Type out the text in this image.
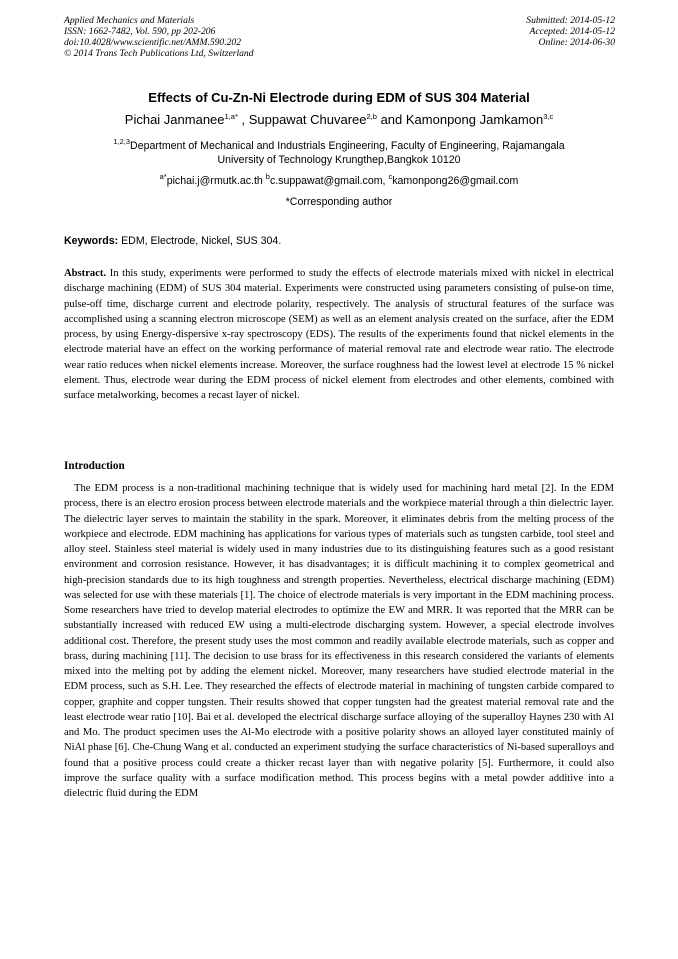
Applied Mechanics and Materials
ISSN: 1662-7482, Vol. 590, pp 202-206
doi:10.4028/www.scientific.net/AMM.590.202
© 2014 Trans Tech Publications Ltd, Switzerland
Submitted: 2014-05-12
Accepted: 2014-05-12
Online: 2014-06-30
Effects of Cu-Zn-Ni Electrode during EDM of SUS 304 Material
Pichai Janmanee$^{1,a*}$ , Suppawat Chuvaree$^{2,b}$ and Kamonpong Jamkamon$^{3,c}$
$^{1,2,3}$Department of Mechanical and Industrials Engineering, Faculty of Engineering, Rajamangala
University of Technology Krungthep,Bangkok 10120
$^{a*}$pichai.j@rmutk.ac.th $^b$c.suppawat@gmail.com, $^c$kamonpong26@gmail.com
*Corresponding author
Keywords: EDM, Electrode, Nickel, SUS 304.
Abstract. In this study, experiments were performed to study the effects of electrode materials mixed with nickel in electrical discharge machining (EDM) of SUS 304 material. Experiments were constructed using parameters consisting of pulse-on time, pulse-off time, discharge current and electrode polarity, respectively. The analysis of structural features of the surface was accomplished using a scanning electron microscope (SEM) as well as an element analysis created on the surface, after the EDM process, by using Energy-dispersive x-ray spectroscopy (EDS). The results of the experiments found that nickel elements in the electrode material have an effect on the working performance of material removal rate and electrode wear ratio. The electrode wear ratio reduces when nickel elements increase. Moreover, the surface roughness had the lowest level at electrode 15 % nickel element. Thus, electrode wear during the EDM process of nickel element from electrodes and other elements, combined with surface metalworking, becomes a recast layer of nickel.
Introduction
The EDM process is a non-traditional machining technique that is widely used for machining hard metal [2]. In the EDM process, there is an electro erosion process between electrode materials and the workpiece material through a thin dielectric layer. The dielectric layer serves to maintain the stability in the spark. Moreover, it eliminates debris from the melting process of the workpiece and electrode. EDM machining has applications for various types of materials such as tungsten carbide, tool steel and alloy steel. Stainless steel material is widely used in many industries due to its distinguishing features such as a good resistant environment and corrosion resistance. However, it has disadvantages; it is difficult machining it to complex geometrical and high-precision standards due to its high toughness and strength properties. Nevertheless, electrical discharge machining (EDM) was selected for use with these materials [1]. The choice of electrode materials is very important in the EDM machining process. Some researchers have tried to develop material electrodes to optimize the EW and MRR. It was reported that the MRR can be substantially increased with reduced EW using a multi-electrode discharging system. However, a special electrode involves additional cost. Therefore, the present study uses the most common and readily available electrode materials, such as copper and brass, during machining [11]. The decision to use brass for its effectiveness in this research considered the variants of elements mixed into the melting pot by adding the element nickel. Moreover, many researchers have studied electrode material in the EDM process, such as S.H. Lee. They researched the effects of electrode material in machining of tungsten carbide compared to copper, graphite and copper tungsten. Their results showed that copper tungsten had the greatest material removal rate and the least electrode wear ratio [10]. Bai et al. developed the electrical discharge surface alloying of the superalloy Haynes 230 with Al and Mo. The product specimen uses the Al-Mo electrode with a positive polarity shows an alloyed layer constituted mainly of NiAl phase [6]. Che-Chung Wang et al. conducted an experiment studying the surface characteristics of Ni-based superalloys and found that a positive process could create a thicker recast layer than with negative polarity [5]. Furthermore, it could also improve the surface quality with a surface modification method. This process begins with a metal powder additive into a dielectric fluid during the EDM
